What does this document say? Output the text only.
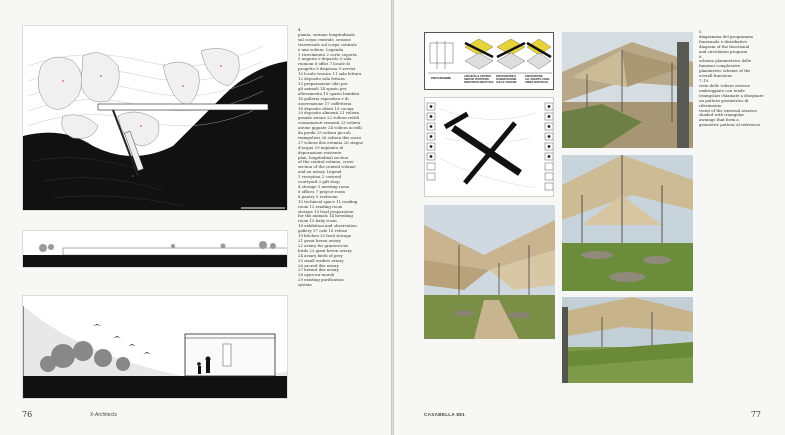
4
pianta, sezione longitudinale
sul corpo centrale, sezione
trasversale sul corpo centrale
e una voliera. Legenda
1 ricevimento 2 corte coperta
3 negozio e deposito 5 sala
riunioni 6 uffici 7 locale di
progetto 8 dispensa 9 servizi
10 locale tecnico 11 sala lettura
12 deposito sala lettura
13 preparazione cibo per
gli animali 14 spazio per
allevamento 15 spazio bambini
16 galleria espositiva e di
osservazione 17 caffetteria
18 deposito rifiuti 19 cucina
20 deposito alimenti 21 voliera
grande airone 22 voliera rettili
consumatori sementi 23 voliera
airone gigante 24 voliera uccelli
da preda 25 voliera piccoli
trampolieri 26 voliera ibis sacro
27 voliera ibis eremita 28 stagno
d'acqua 29 impianto di
depurazione esistente
plan, longitudinal section
of the central volume, cross-
section of the central volume
and an aviary. Legend
1 reception 2 covered
courtyard 3 gift shop
4 storage 5 meeting room
6 offices 7 project room
8 pantry 9 restroom
10 technical space 11 reading
room 12 reading room
storage 13 food preparation
for the animals 14 breeding
room 15 baby room
16 exhibition and observation
gallery 17 cafe 18 refuse
19 kitchen 20 food storage
21 great heron aviary
22 aviary for granivorous
birds 23 giant heron aviary
24 aviary birds of prey
25 small waders aviary
26 sacred ibis aviary
27 hermit ibis aviary
28 open-air marsh
29 existing purification
system
76	X-Architects
PROGRAMME	ARCHIVIO & CENTRO SERVIZI VISITATORI PERCORSO DIDATTICO
ESPOSIZIONE E OSSERVAZIONE SULLE VOLIERE
ESPOSIZIONE ALL'APERTO ZONA UMIDA NATURALE
5
diagramma del programma
funzionale e distributivo
diagram of the functional
and circulation program
6
schema planimetrico delle
funzioni complessive
planimetric scheme of the
overall functions
7–10
viste delle voliere esterne
ombreggiate con tende
triangolari chiamate a disegnare
un pattern geometrico di
riferimento
views of the external aviaries
shaded with triangular
awnings that form a
geometric pattern of reference
CASABELLA 881	77
